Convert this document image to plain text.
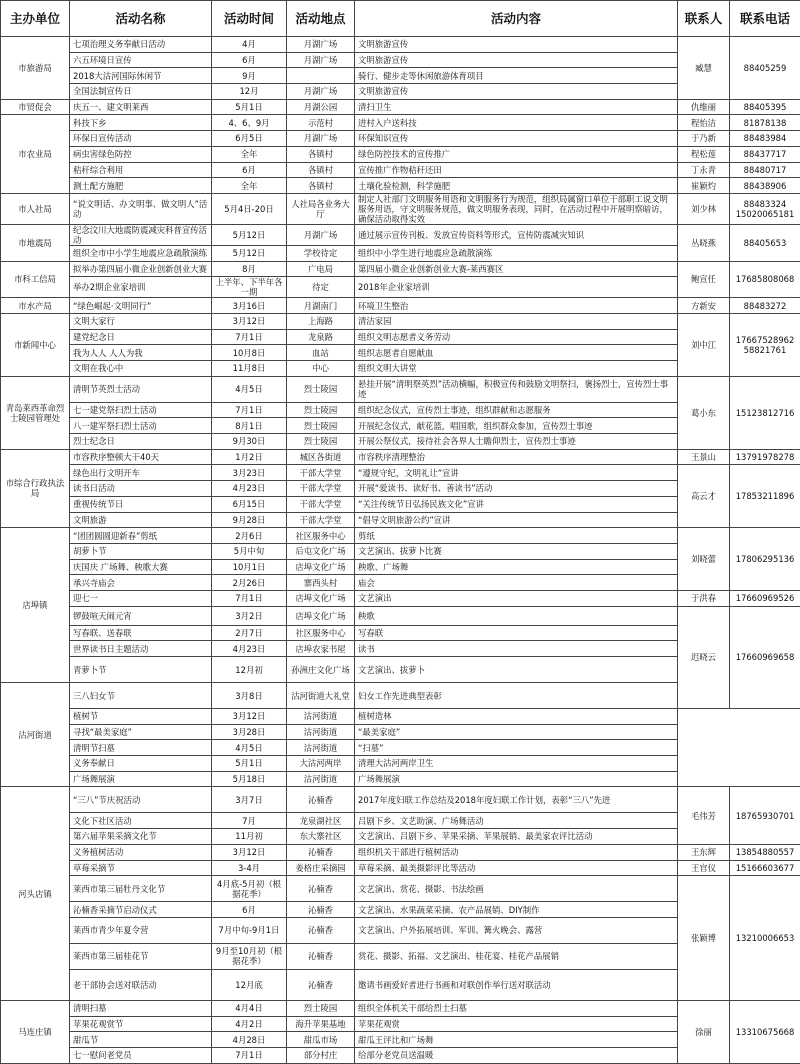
主办单位	活动名称	活动时间	活动地点	活动内容	联系人	联系电话	
市旅游局	七项治理义务奉献日活动	4月	月湖广场	文明旅游宣传	臧慧	88405259	
	六五环境日宣传	6月	月湖广场	文明旅游宣传			
	2018大沽河国际休闲节	9月		骑行、健步走等休闲旅游体育项目			
	全国法制宣传日	12月	月湖广场	文明旅游宣传			
市贸促会	庆五一、建文明莱西	5月1日	月湖公园	清扫卫生	仇维丽	88405395	
市农业局	科技下乡	4、6、9月	示范村	进村入户送科技	程怡洁	81878138	
	环保日宣传活动	6月5日	月湖广场	环保知识宣传	于乃新	88483984	
	病虫害绿色防控	全年	各镇村	绿色防控技术的宣传推广	程松莲	88437717	
	秸秆综合利用	6月	各镇村	宣传推广作物秸秆还田	丁永青	88480717	
	测土配方施肥	全年	各镇村	土壤化验检测，科学施肥	崔颖灼	88438906	
市人社局	“说文明话、办文明事、做文明人”活动	5月4日-20日	人社局各业务大厅	制定人社部门文明服务用语和文明服务行为规范，组织局属窗口单位干部职工说文明服务用语，守文明服务规范，做文明服务表现，同时，在活动过程中开展明察暗访，确保活动取得实效	刘少林	88483324 15020065181	
市地震局	纪念汶川大地震防震减灾科普宣传活动	5月12日	月湖广场	通过展示宣传刊板、发放宣传资料等形式，宣传防震减灾知识	丛晓燕	88405653	
	组织全市中小学生地震应急疏散演练	5月12日	学校待定	组织中小学生进行地震应急疏散演练			
市科工信局	拟举办第四届小微企业创新创业大赛	8月	广电局	第四届小微企业创新创业大赛-莱西赛区	鲍宣任	17685808068	
	举办2期企业家培训	上半年、下半年各一期	待定	2018年企业家培训			
市水产局	“绿色崛起·文明同行”	3月16日	月湖南门	环境卫生整治	方新安	88483272	
市新闻中心	文明大家行	3月12日	上海路	清洁家园	刘中江	17667528962 58821761	
	建党纪念日	7月1日	龙泉路	组织文明志愿者义务劳动			
	我为人人 人人为我	10月8日	血站	组织志愿者自愿献血			
	文明在我心中	11月8日	中心	组织文明大讲堂			
青岛莱西革命烈士陵园管理处	清明节英烈士活动	4月5日	烈士陵园	悬挂开展“清明祭英烈”活动横幅，积极宣传和鼓励文明祭扫，褒扬烈士，宣传烈士事迹	葛小东	15123812716	
	七一建党祭扫烈士活动	7月1日	烈士陵园	组织纪念仪式，宣传烈士事迹，组织群献和志愿服务			
	八一建军祭扫烈士活动	8月1日	烈士陵园	开展纪念仪式，献花篮，唱国歌，组织群众参加，宣传烈士事迹			
	烈士纪念日	9月30日	烈士陵园	开展公祭仪式，接待社会各界人士瞻仰烈士，宣传烈士事迹			
市综合行政执法局	市容秩序整顿大干40天	1月2日	城区各街道	市容秩序清理整治	王景山	13791978278	
	绿色出行文明开车	3月23日	干部大学堂	“遵规守纪，文明礼让”宣讲	高云才	17853211896	
	读书日活动	4月23日	干部大学堂	开展“爱读书、读好书、善读书”活动			
	重视传统节日	6月15日	干部大学堂	“关注传统节日弘扬民族文化”宣讲			
	文明旅游	9月28日	干部大学堂	“倡导文明旅游公约”宣讲			
店埠镇	“团团圆圆迎新春”剪纸	2月6日	社区服务中心	剪纸	刘晓蕾	17806295136	
	胡萝卜节	5月中旬	后屯文化广场	文艺演出、拔萝卜比赛			
	庆国庆 广场舞、秧歌大赛	10月1日	店埠文化广场	秧歌、广场舞			
	承兴寺庙会	2月26日	寨西头村	庙会			
	迎七一	7月1日	店埠文化广场	文艺演出	于洪春	17660969526	
	锣鼓喧天闹元宵	3月2日	店埠文化广场	秧歌	迟晓云	17660969658	
	写春联、送春联	2月7日	社区服务中心	写春联			
	世界读书日主题活动	4月23日	店埠农家书屋	读书			
	青萝卜节	12月初	孙洲庄文化广场	文艺演出、拔萝卜			
沽河街道	三八妇女节	3月8日	沽河街道大礼堂	妇女工作先进典型表彰		
	植树节	3月12日	沽河街道	植树造林			
	寻找“最美家庭”	3月28日	沽河街道	“最美家庭”			
	清明节扫墓	4月5日	沽河街道	“扫墓”			
	义务奉献日	5月1日	大沽河两岸	清理大沽河两岸卫生			
	广场舞展演	5月18日	沽河街道	广场舞展演			
河头店镇	“三八”节庆祝活动	3月7日	沁楠香	2017年度妇联工作总结及2018年度妇联工作计划，表彰“三八”先进	毛伟芳	18765930701	
	文化下社区活动	7月	龙泉湖社区	吕剧下乡、文艺助演、广场舞活动			
	第六届苹果采摘文化节	11月初	东大寨社区	文艺演出、吕剧下乡、苹果采摘、苹果展销、最美家农评比活动			
	义务植树活动	3月12日	沁楠香	组织机关干部进行植树活动	王东辉	13854880557	
	草莓采摘节	3-4月	姜格庄采摘园	草莓采摘、最美摄影评比等活动	王官仪	15166603677	
	莱西市第三届牡丹文化节	4月底-5月初（根据花季）	沁楠香	文艺演出、赏花、摄影、书法绘画	张颖博	13210006653	
	沁楠香采摘节启动仪式	6月	沁楠香	文艺演出、水果蔬菜采摘、农产品展销、DIY制作			
	莱西市青少年夏令营	7月中旬-9月1日	沁楠香	文艺演出、户外拓展培训、军训、篝火晚会、露营			
	莱西市第三届桂花节	9月至10月初（根据花季）	沁楠香	赏花、摄影、拓福、文艺演出、桂花宴、桂花产品展销			
	老干部协会送对联活动	12月底	沁楠香	邀请书画爱好者进行书画和对联创作举行送对联活动		
马连庄镇	清明扫墓	4月4日	烈士陵园	组织全体机关干部给烈士扫墓	徐丽	13310675668	
	苹果花观赏节	4月2日	海升苹果基地	苹果花观赏			
	甜瓜节	4月28日	甜瓜市场	甜瓜王评比和广场舞			
	七一慰问老党员	7月1日	部分村庄	给部分老党员送温暖			
